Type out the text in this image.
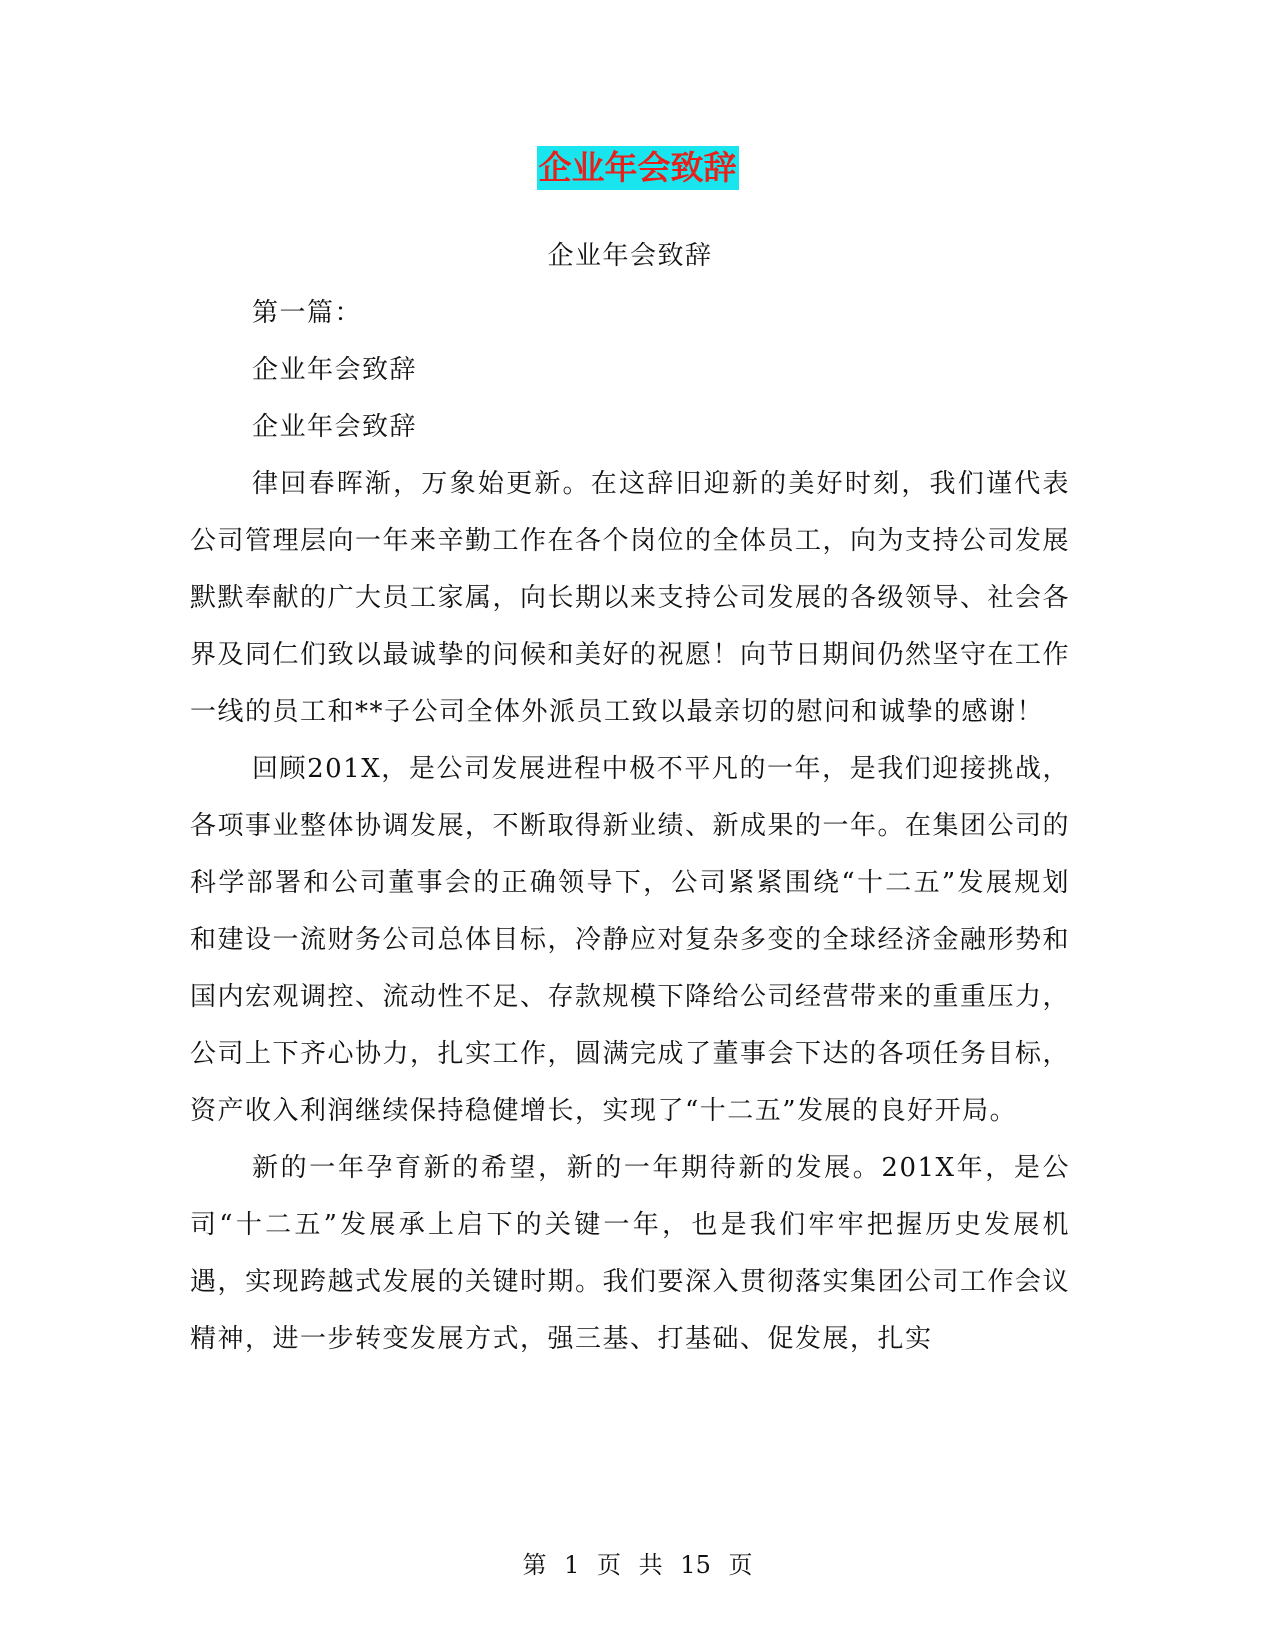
企业年会致辞

企业年会致辞

第一篇：

企业年会致辞

企业年会致辞

律回春晖渐，万象始更新。在这辞旧迎新的美好时刻，我们谨代表公司管理层向一年来辛勤工作在各个岗位的全体员工，向为支持公司发展默默奉献的广大员工家属，向长期以来支持公司发展的各级领导、社会各界及同仁们致以最诚挚的问候和美好的祝愿！向节日期间仍然坚守在工作一线的员工和**子公司全体外派员工致以最亲切的慰问和诚挚的感谢！

回顾201X，是公司发展进程中极不平凡的一年，是我们迎接挑战，各项事业整体协调发展，不断取得新业绩、新成果的一年。在集团公司的科学部署和公司董事会的正确领导下，公司紧紧围绕“十二五”发展规划和建设一流财务公司总体目标，冷静应对复杂多变的全球经济金融形势和国内宏观调控、流动性不足、存款规模下降给公司经营带来的重重压力，公司上下齐心协力，扎实工作，圆满完成了董事会下达的各项任务目标，资产收入利润继续保持稳健增长，实现了“十二五”发展的良好开局。

新的一年孕育新的希望，新的一年期待新的发展。201X年，是公司“十二五”发展承上启下的关键一年，也是我们牢牢把握历史发展机遇，实现跨越式发展的关键时期。我们要深入贯彻落实集团公司工作会议精神，进一步转变发展方式，强三基、打基础、促发展，扎实

第 1 页 共 15 页
